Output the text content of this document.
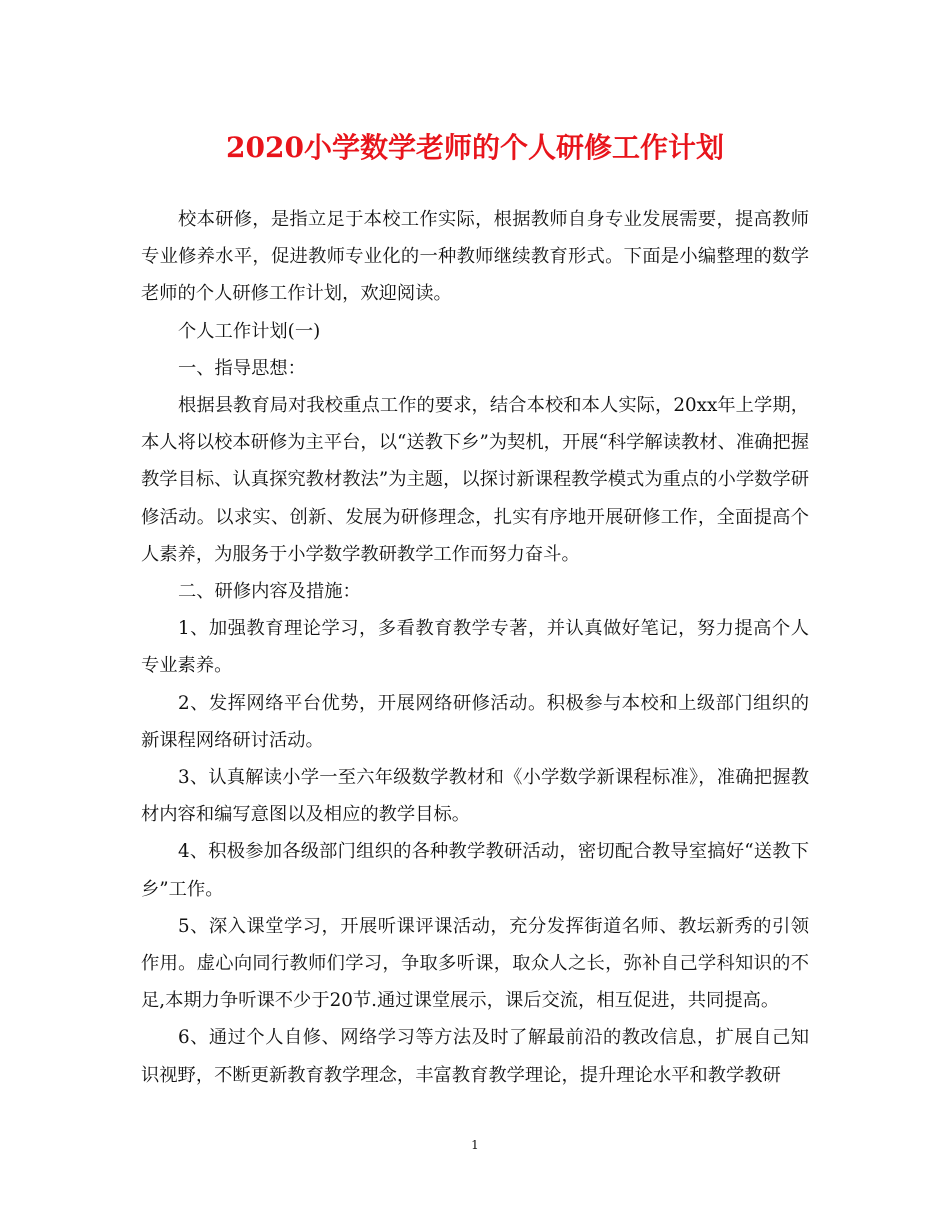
2020小学数学老师的个人研修工作计划

校本研修，是指立足于本校工作实际，根据教师自身专业发展需要，提高教师专业修养水平，促进教师专业化的一种教师继续教育形式。下面是小编整理的数学老师的个人研修工作计划，欢迎阅读。

个人工作计划(一)

一、指导思想：

根据县教育局对我校重点工作的要求，结合本校和本人实际，20xx年上学期，本人将以校本研修为主平台，以“送教下乡”为契机，开展“科学解读教材、准确把握教学目标、认真探究教材教法”为主题，以探讨新课程教学模式为重点的小学数学研修活动。以求实、创新、发展为研修理念，扎实有序地开展研修工作，全面提高个人素养，为服务于小学数学教研教学工作而努力奋斗。

二、研修内容及措施：

1、加强教育理论学习，多看教育教学专著，并认真做好笔记，努力提高个人专业素养。

2、发挥网络平台优势，开展网络研修活动。积极参与本校和上级部门组织的新课程网络研讨活动。

3、认真解读小学一至六年级数学教材和《小学数学新课程标准》，准确把握教材内容和编写意图以及相应的教学目标。

4、积极参加各级部门组织的各种教学教研活动，密切配合教导室搞好“送教下乡”工作。

5、深入课堂学习，开展听课评课活动，充分发挥街道名师、教坛新秀的引领作用。虚心向同行教师们学习，争取多听课，取众人之长，弥补自己学科知识的不足,本期力争听课不少于20节.通过课堂展示，课后交流，相互促进，共同提高。

6、通过个人自修、网络学习等方法及时了解最前沿的教改信息，扩展自己知识视野，不断更新教育教学理念，丰富教育教学理论，提升理论水平和教学教研

1
